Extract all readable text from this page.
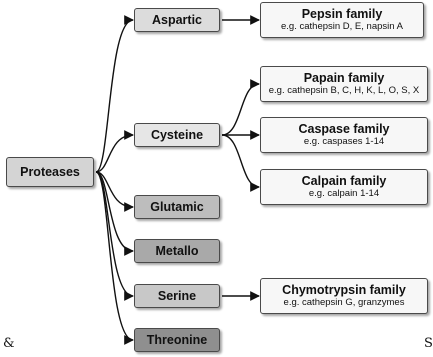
Proteases
Aspartic
Cysteine
Glutamic
Metallo
Serine
Threonine
Pepsin family
e.g. cathepsin D, E, napsin A
Papain family
e.g. cathepsin B, C, H, K, L, O, S, X
Caspase family
e.g. caspases 1-14
Calpain family
e.g. calpain 1-14
Chymotrypsin family
e.g. cathepsin G, granzymes
&	S
